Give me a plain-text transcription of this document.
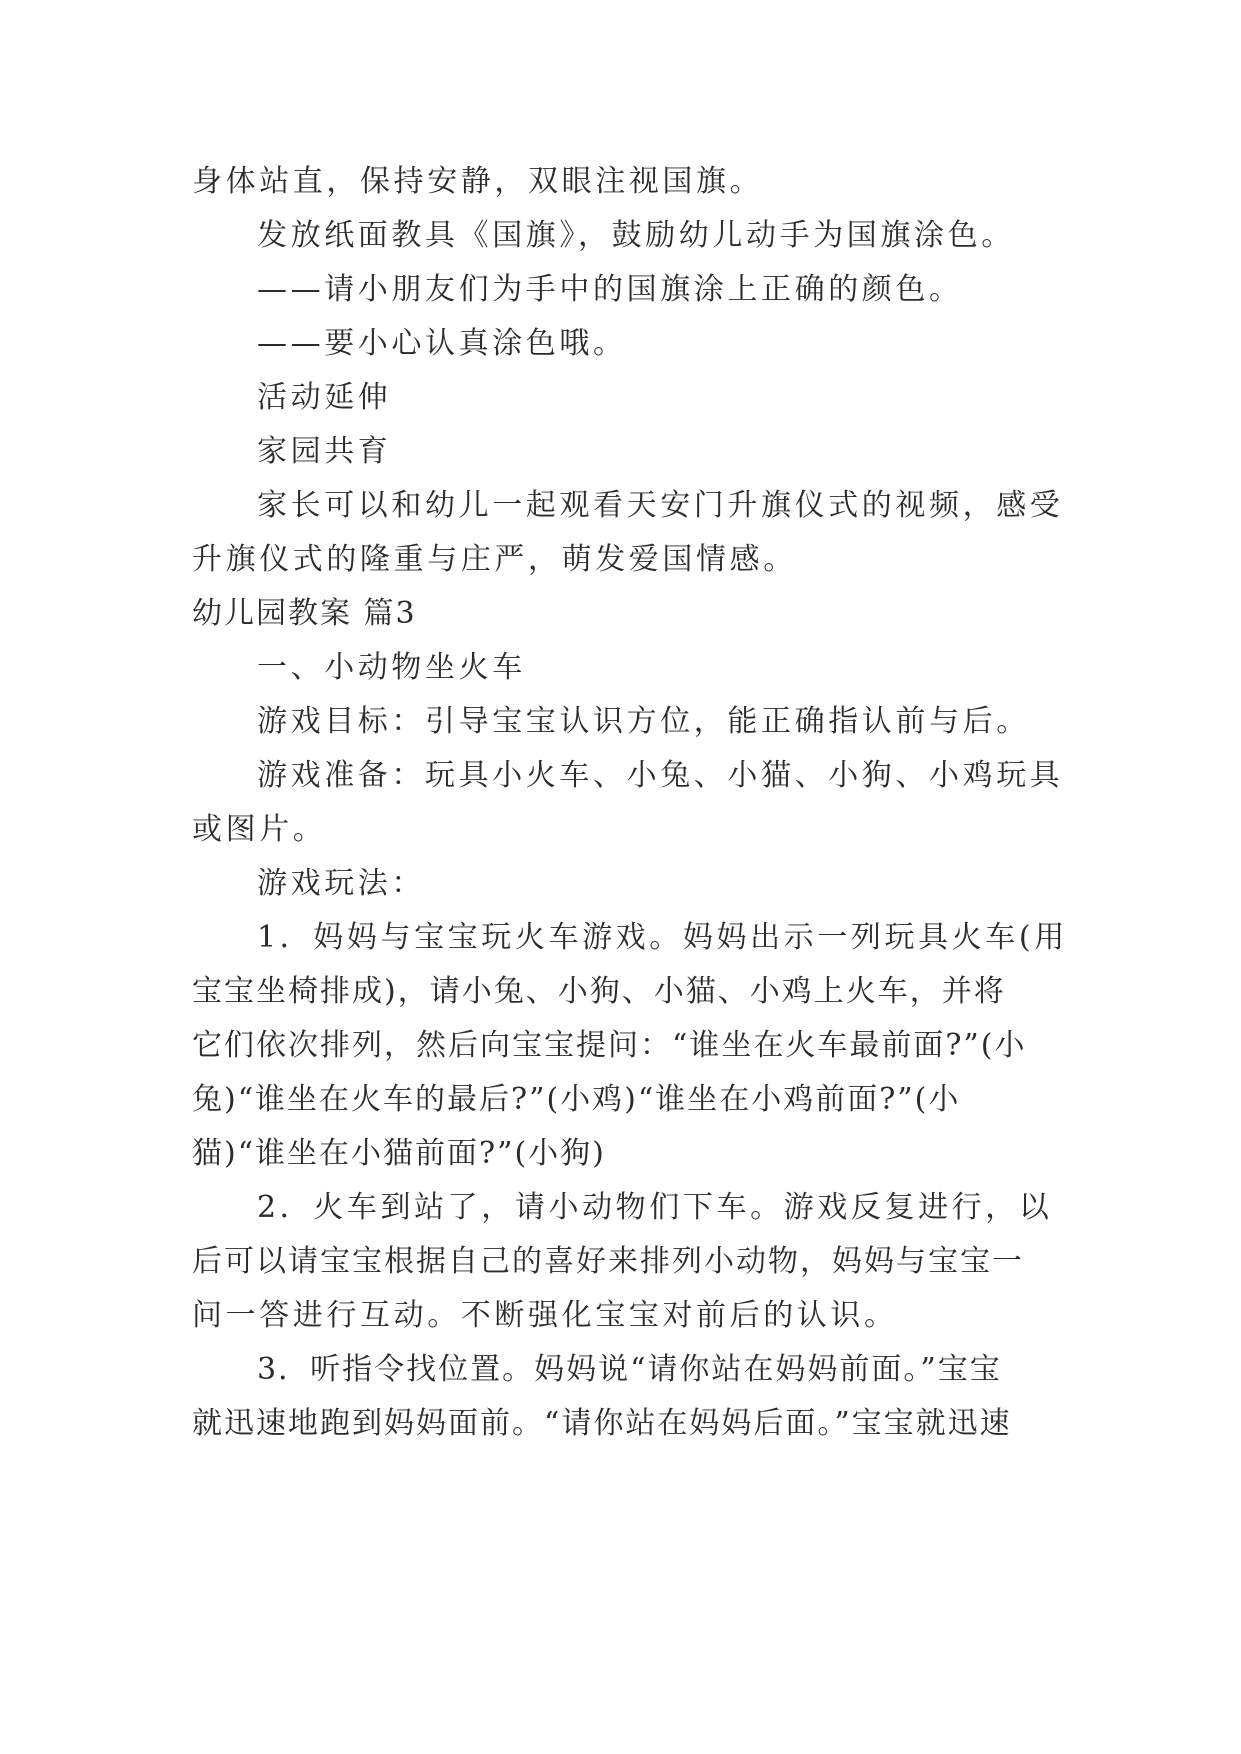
身体站直，保持安静，双眼注视国旗。
发放纸面教具《国旗》，鼓励幼儿动手为国旗涂色。
——请小朋友们为手中的国旗涂上正确的颜色。
——要小心认真涂色哦。
活动延伸
家园共育
家长可以和幼儿一起观看天安门升旗仪式的视频，感受
升旗仪式的隆重与庄严，萌发爱国情感。
幼儿园教案 篇3
一、小动物坐火车
游戏目标：引导宝宝认识方位，能正确指认前与后。
游戏准备：玩具小火车、小兔、小猫、小狗、小鸡玩具
或图片。
游戏玩法：
1．妈妈与宝宝玩火车游戏。妈妈出示一列玩具火车(用
宝宝坐椅排成)，请小兔、小狗、小猫、小鸡上火车，并将
它们依次排列，然后向宝宝提问：“谁坐在火车最前面?”(小
兔)“谁坐在火车的最后?”(小鸡)“谁坐在小鸡前面?”(小
猫)“谁坐在小猫前面?”(小狗)
2．火车到站了，请小动物们下车。游戏反复进行，以
后可以请宝宝根据自己的喜好来排列小动物，妈妈与宝宝一
问一答进行互动。不断强化宝宝对前后的认识。
3．听指令找位置。妈妈说“请你站在妈妈前面。”宝宝
就迅速地跑到妈妈面前。“请你站在妈妈后面。”宝宝就迅速
